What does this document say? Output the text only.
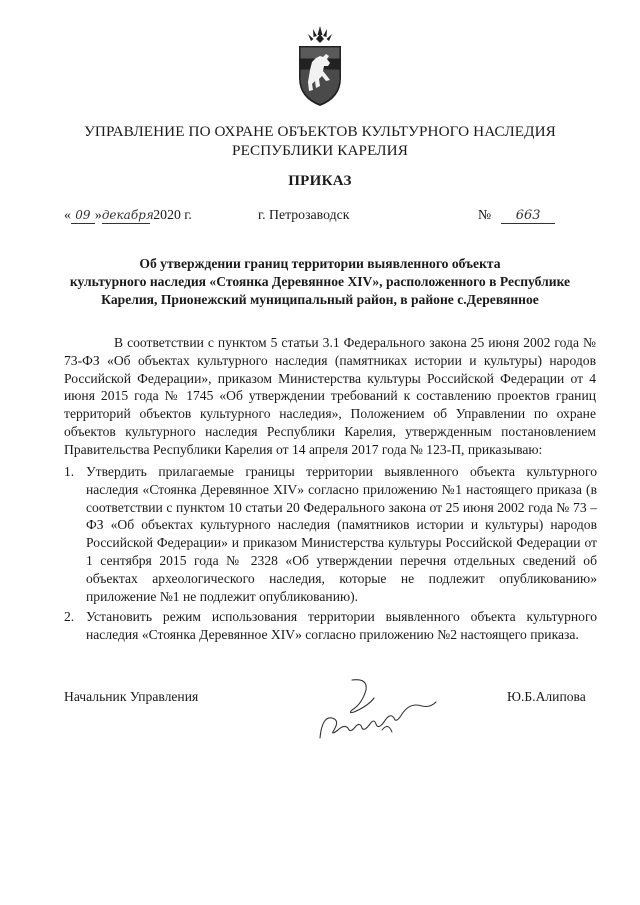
УПРАВЛЕНИЕ ПО ОХРАНЕ ОБЪЕКТОВ КУЛЬТУРНОГО НАСЛЕДИЯ
РЕСПУБЛИКИ КАРЕЛИЯ
ПРИКАЗ
« 09 »декабря 2020 г.	г. Петрозаводск	№ 663
Об утверждении границ территории выявленного объекта
культурного наследия «Стоянка Деревянное XIV», расположенного в Республике
Карелия, Прионежский муниципальный район, в районе с.Деревянное
В соответствии с пунктом 5 статьи 3.1 Федерального закона 25 июня 2002 года № 73-ФЗ «Об объектах культурного наследия (памятниках истории и культуры) народов Российской Федерации», приказом Министерства культуры Российской Федерации от 4 июня 2015 года № 1745 «Об утверждении требований к составлению проектов границ территорий объектов культурного наследия», Положением об Управлении по охране объектов культурного наследия Республики Карелия, утвержденным постановлением Правительства Республики Карелия от 14 апреля 2017 года № 123-П, приказываю:
1. Утвердить прилагаемые границы территории выявленного объекта культурного наследия «Стоянка Деревянное XIV» согласно приложению №1 настоящего приказа (в соответствии с пунктом 10 статьи 20 Федерального закона от 25 июня 2002 года № 73 – ФЗ «Об объектах культурного наследия (памятников истории и культуры) народов Российской Федерации» и приказом Министерства культуры Российской Федерации от 1 сентября 2015 года № 2328 «Об утверждении перечня отдельных сведений об объектах археологического наследия, которые не подлежит опубликованию» приложение №1 не подлежит опубликованию).
2. Установить режим использования территории выявленного объекта культурного наследия «Стоянка Деревянное XIV» согласно приложению №2 настоящего приказа.
Начальник Управления	Ю.Б.Алипова
